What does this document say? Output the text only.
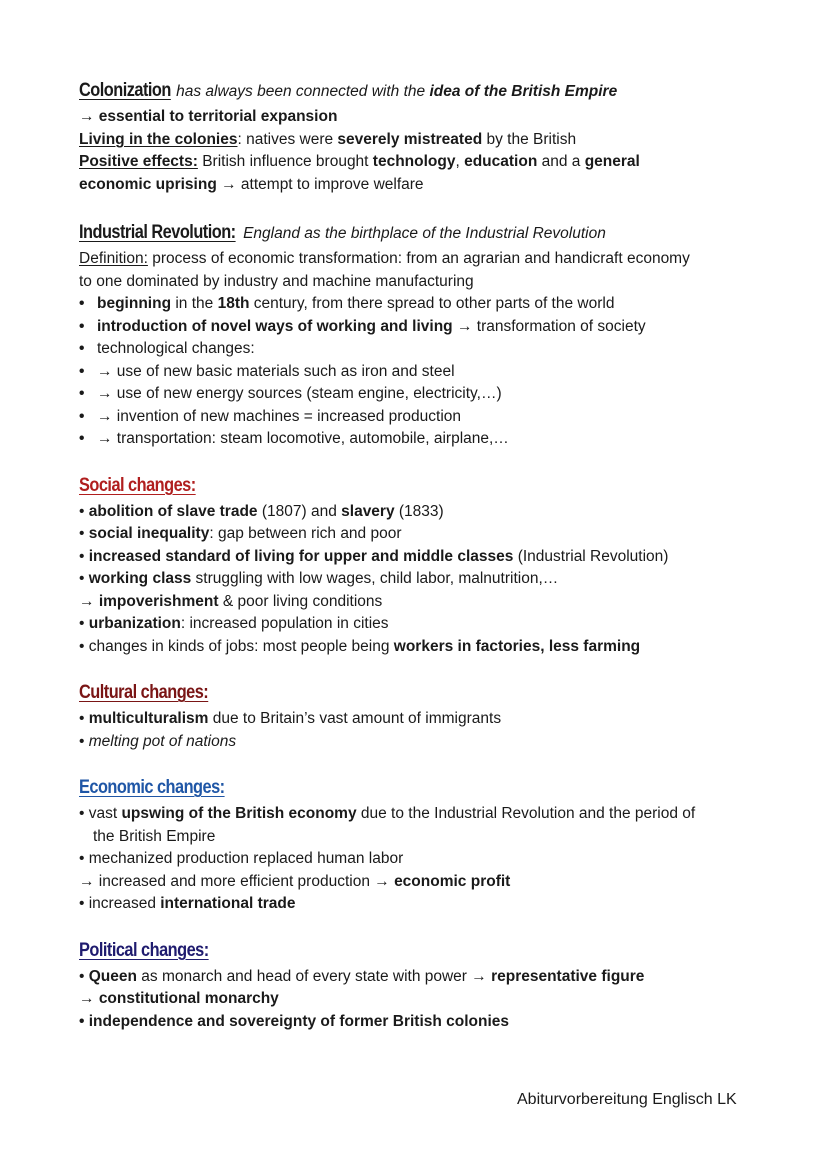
Colonization has always been connected with the idea of the British Empire
→ essential to territorial expansion
Living in the colonies: natives were severely mistreated by the British
Positive effects: British influence brought technology, education and a general
economic uprising → attempt to improve welfare
Industrial Revolution: England as the birthplace of the Industrial Revolution
Definition: process of economic transformation: from an agrarian and handicraft economy
to one dominated by industry and machine manufacturing
• beginning in the 18th century, from there spread to other parts of the world
• introduction of novel ways of working and living → transformation of society
• technological changes:
• → use of new basic materials such as iron and steel
• → use of new energy sources (steam engine, electricity,…)
• → invention of new machines = increased production
• → transportation: steam locomotive, automobile, airplane,…
Social changes:
• abolition of slave trade (1807) and slavery (1833)
• social inequality: gap between rich and poor
• increased standard of living for upper and middle classes (Industrial Revolution)
• working class struggling with low wages, child labor, malnutrition,…
→ impoverishment & poor living conditions
• urbanization: increased population in cities
• changes in kinds of jobs: most people being workers in factories, less farming
Cultural changes:
• multiculturalism due to Britain’s vast amount of immigrants
• melting pot of nations
Economic changes:
• vast upswing of the British economy due to the Industrial Revolution and the period of
the British Empire
• mechanized production replaced human labor
→ increased and more efficient production → economic profit
• increased international trade
Political changes:
• Queen as monarch and head of every state with power → representative figure
→ constitutional monarchy
• independence and sovereignty of former British colonies
Abiturvorbereitung Englisch LK
